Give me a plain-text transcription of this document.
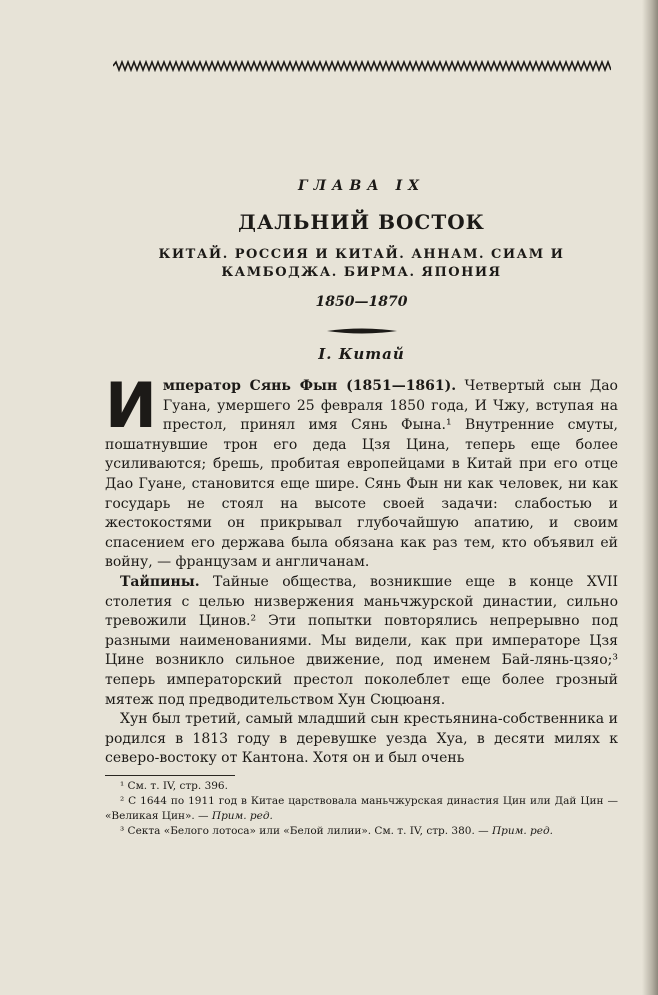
ГЛАВА IX
ДАЛЬНИЙ ВОСТОК
КИТАЙ. РОССИЯ И КИТАЙ. АННАМ. СИАМ И КАМБОДЖА. БИРМА. ЯПОНИЯ
1850—1870
I. Китай

Император Сянь Фын (1851—1861). Четвертый сын Дао Гуана, умершего 25 февраля 1850 года, И Чжу, вступая на престол, принял имя Сянь Фына.¹ Внутренние смуты, пошатнувшие трон его деда Цзя Цина, теперь еще более усиливаются; брешь, пробитая европейцами в Китай при его отце Дао Гуане, становится еще шире. Сянь Фын ни как человек, ни как государь не стоял на высоте своей задачи: слабостью и жестокостями он прикрывал глубочайшую апатию, и своим спасением его держава была обязана как раз тем, кто объявил ей войну, — французам и англичанам.

Тайпины. Тайные общества, возникшие еще в конце XVII столетия с целью низвержения маньчжурской династии, сильно тревожили Цинов.² Эти попытки повторялись непрерывно под разными наименованиями. Мы видели, как при императоре Цзя Цине возникло сильное движение, под именем Бай-лянь-цзяо;³ теперь императорский престол поколеблет еще более грозный мятеж под предводительством Хун Сюцюаня.

Хун был третий, самый младший сын крестьянина-собственника и родился в 1813 году в деревушке уезда Хуа, в десяти милях к северо-востоку от Кантона. Хотя он и был очень

¹ См. т. IV, стр. 396.
² С 1644 по 1911 год в Китае царствовала маньчжурская династия Цин или Дай Цин — «Великая Цин». — Прим. ред.
³ Секта «Белого лотоса» или «Белой лилии». См. т. IV, стр. 380. — Прим. ред.
